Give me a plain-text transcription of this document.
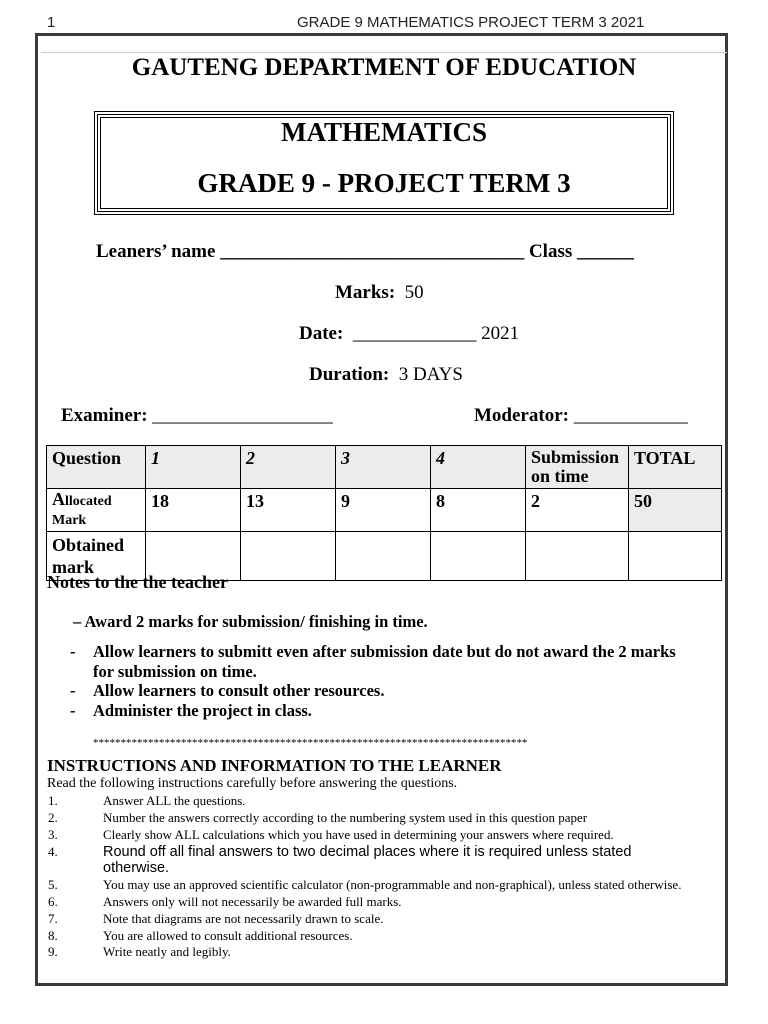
1	GRADE 9 MATHEMATICS PROJECT TERM 3 2021
GAUTENG DEPARTMENT OF EDUCATION
MATHEMATICS
GRADE 9 - PROJECT TERM 3
Leaners’ name ________________________________ Class ______
Marks: 50
Date: _____________ 2021
Duration: 3 DAYS
Examiner: ___________________	Moderator: ____________
Question	1	2	3	4	Submission on time	TOTAL
Allocated
Mark	18	13	9	8	2	50
Obtained mark						
Notes to the the teacher
– Award 2 marks for submission/ finishing in time.
- Allow learners to submitt even after submission date but do not award the 2 marks for submission on time.
- Allow learners to consult other resources.
- Administer the project in class.
*******************************************************************************
INSTRUCTIONS AND INFORMATION TO THE LEARNER
Read the following instructions carefully before answering the questions.
1.	Answer ALL the questions.
2.	Number the answers correctly according to the numbering system used in this question paper
3.	Clearly show ALL calculations which you have used in determining your answers where required.
4.	Round off all final answers to two decimal places where it is required unless stated otherwise.
5.	You may use an approved scientific calculator (non-programmable and non-graphical), unless stated otherwise.
6.	Answers only will not necessarily be awarded full marks.
7.	Note that diagrams are not necessarily drawn to scale.
8.	You are allowed to consult additional resources.
9.	Write neatly and legibly.
